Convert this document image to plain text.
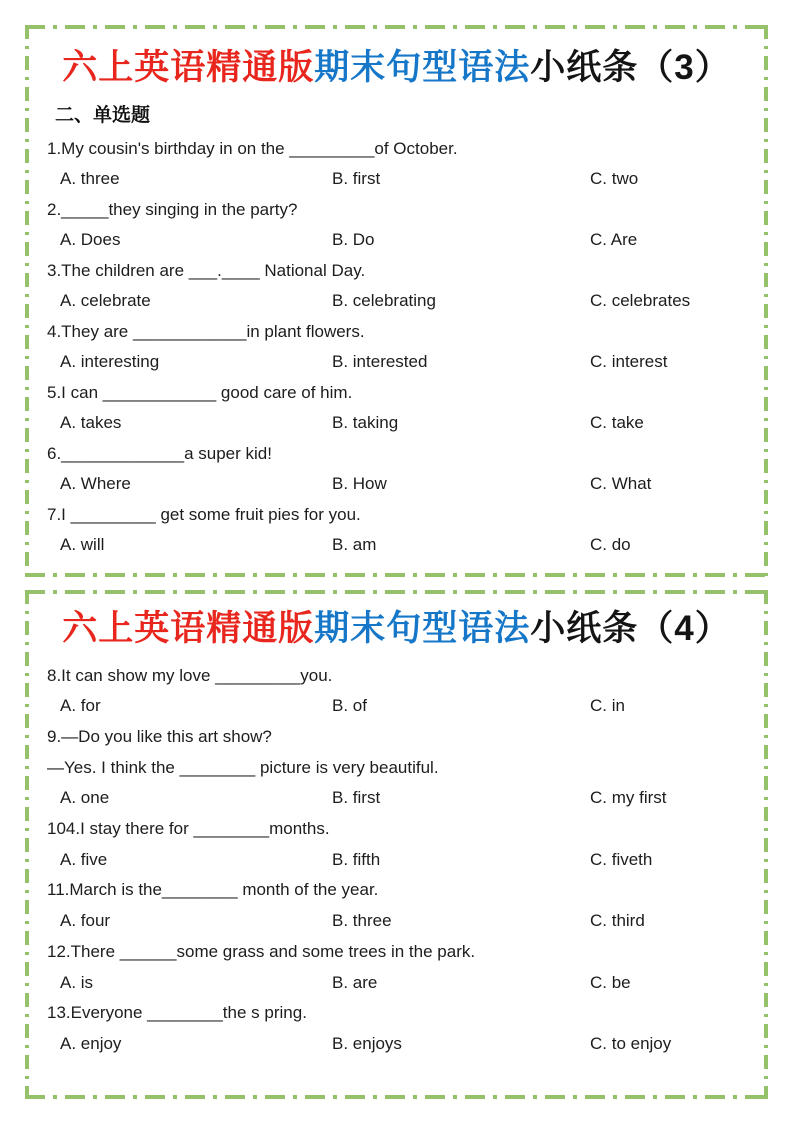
六上英语精通版期末句型语法小纸条（3）
二、单选题
1.My cousin's birthday in on the _________of October.
A. three	B. first	C. two
2._____they singing in the party?
A. Does	B. Do	C. Are
3.The children are ___.____ National Day.
A. celebrate	B. celebrating	C. celebrates
4.They are ____________in plant flowers.
A. interesting	B. interested	C. interest
5.I can ____________ good care of him.
A. takes	B. taking	C. take
6._____________a super kid!
A. Where	B. How	C. What
7.I _________ get some fruit pies for you.
A. will	B. am	C. do
六上英语精通版期末句型语法小纸条（4）
8.It can show my love _________you.
A. for	B. of	C. in
9.—Do you like this art show?
—Yes. I think the ________ picture is very beautiful.
A. one	B. first	C. my first
104.I stay there for ________months.
A. five	B. fifth	C. fiveth
11.March is the________ month of the year.
A. four	B. three	C. third
12.There ______some grass and some trees in the park.
A. is	B. are	C. be
13.Everyone ________the s pring.
A. enjoy	B. enjoys	C. to enjoy
